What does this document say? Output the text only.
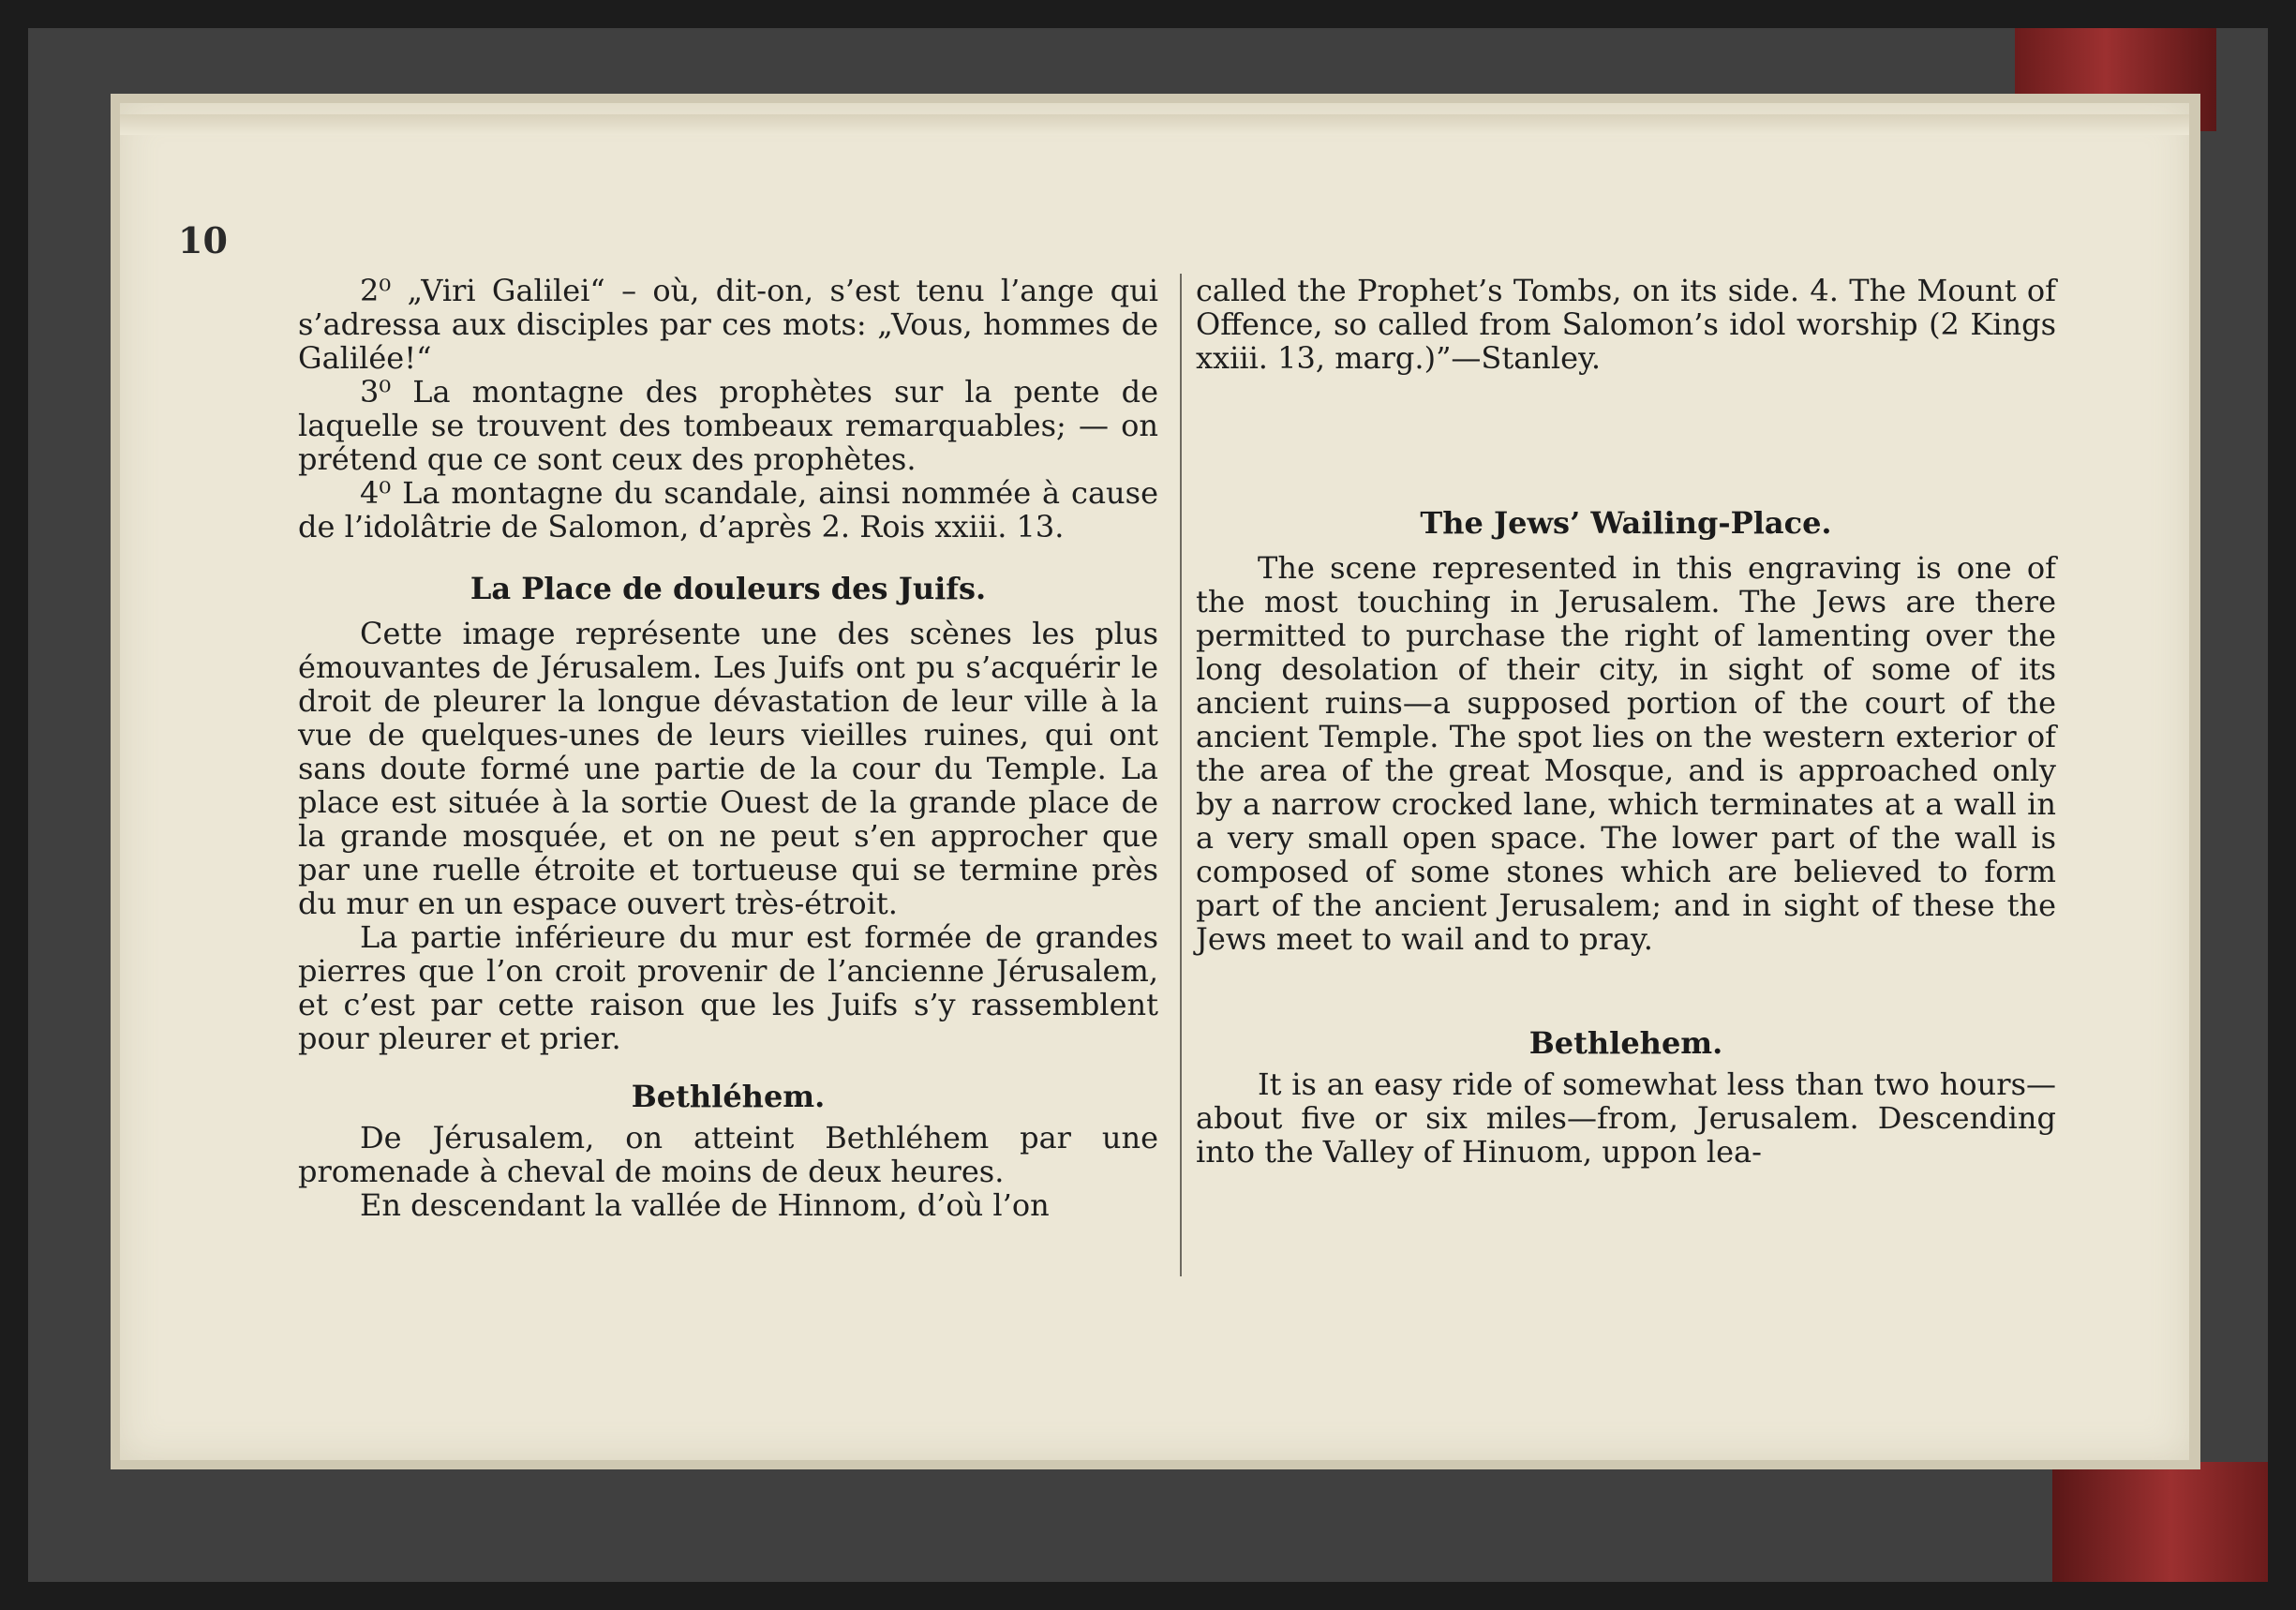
10

2⁰ „Viri Galilei“ – où, dit-on, s’est tenu l’ange qui s’adressa aux disciples par ces mots: „Vous, hommes de Galilée!“

3⁰ La montagne des prophètes sur la pente de laquelle se trouvent des tombeaux remarquables; — on prétend que ce sont ceux des prophètes.

4⁰ La montagne du scandale, ainsi nommée à cause de l’idolâtrie de Salomon, d’après 2. Rois xxiii. 13.

La Place de douleurs des Juifs.

Cette image représente une des scènes les plus émouvantes de Jérusalem. Les Juifs ont pu s’acquérir le droit de pleurer la longue dévastation de leur ville à la vue de quelques-unes de leurs vieilles ruines, qui ont sans doute formé une partie de la cour du Temple. La place est située à la sortie Ouest de la grande place de la grande mosquée, et on ne peut s’en approcher que par une ruelle étroite et tortueuse qui se termine près du mur en un espace ouvert très-étroit.

La partie inférieure du mur est formée de grandes pierres que l’on croit provenir de l’ancienne Jérusalem, et c’est par cette raison que les Juifs s’y rassemblent pour pleurer et prier.

Bethléhem.

De Jérusalem, on atteint Bethléhem par une promenade à cheval de moins de deux heures.

En descendant la vallée de Hinnom, d’où l’on

called the Prophet’s Tombs, on its side. 4. The Mount of Offence, so called from Salomon’s idol worship (2 Kings xxiii. 13, marg.)”—Stanley.

The Jews’ Wailing-Place.

The scene represented in this engraving is one of the most touching in Jerusalem. The Jews are there permitted to purchase the right of lamenting over the long desolation of their city, in sight of some of its ancient ruins—a supposed portion of the court of the ancient Temple. The spot lies on the western exterior of the area of the great Mosque, and is approached only by a narrow crocked lane, which terminates at a wall in a very small open space. The lower part of the wall is composed of some stones which are believed to form part of the ancient Jerusalem; and in sight of these the Jews meet to wail and to pray.

Bethlehem.

It is an easy ride of somewhat less than two hours—about five or six miles—from, Jerusalem. Descending into the Valley of Hinuom, uppon lea-
